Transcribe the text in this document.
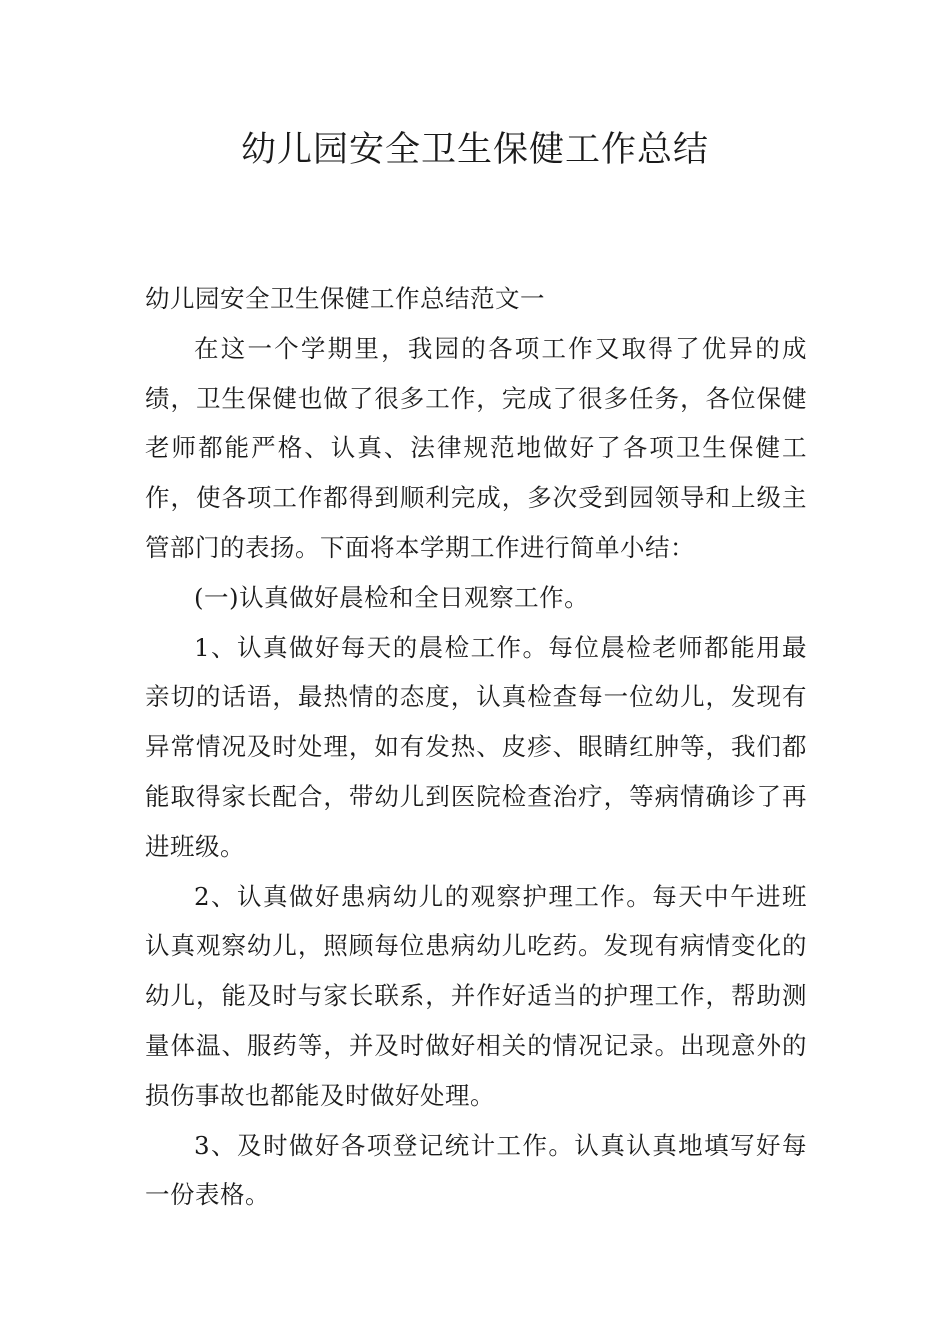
幼儿园安全卫生保健工作总结

幼儿园安全卫生保健工作总结范文一

在这一个学期里，我园的各项工作又取得了优异的成绩，卫生保健也做了很多工作，完成了很多任务，各位保健老师都能严格、认真、法律规范地做好了各项卫生保健工作，使各项工作都得到顺利完成，多次受到园领导和上级主管部门的表扬。下面将本学期工作进行简单小结：

(一)认真做好晨检和全日观察工作。

1、认真做好每天的晨检工作。每位晨检老师都能用最亲切的话语，最热情的态度，认真检查每一位幼儿，发现有异常情况及时处理，如有发热、皮疹、眼睛红肿等，我们都能取得家长配合，带幼儿到医院检查治疗，等病情确诊了再进班级。

2、认真做好患病幼儿的观察护理工作。每天中午进班认真观察幼儿，照顾每位患病幼儿吃药。发现有病情变化的幼儿，能及时与家长联系，并作好适当的护理工作，帮助测量体温、服药等，并及时做好相关的情况记录。出现意外的损伤事故也都能及时做好处理。

3、及时做好各项登记统计工作。认真认真地填写好每一份表格。
